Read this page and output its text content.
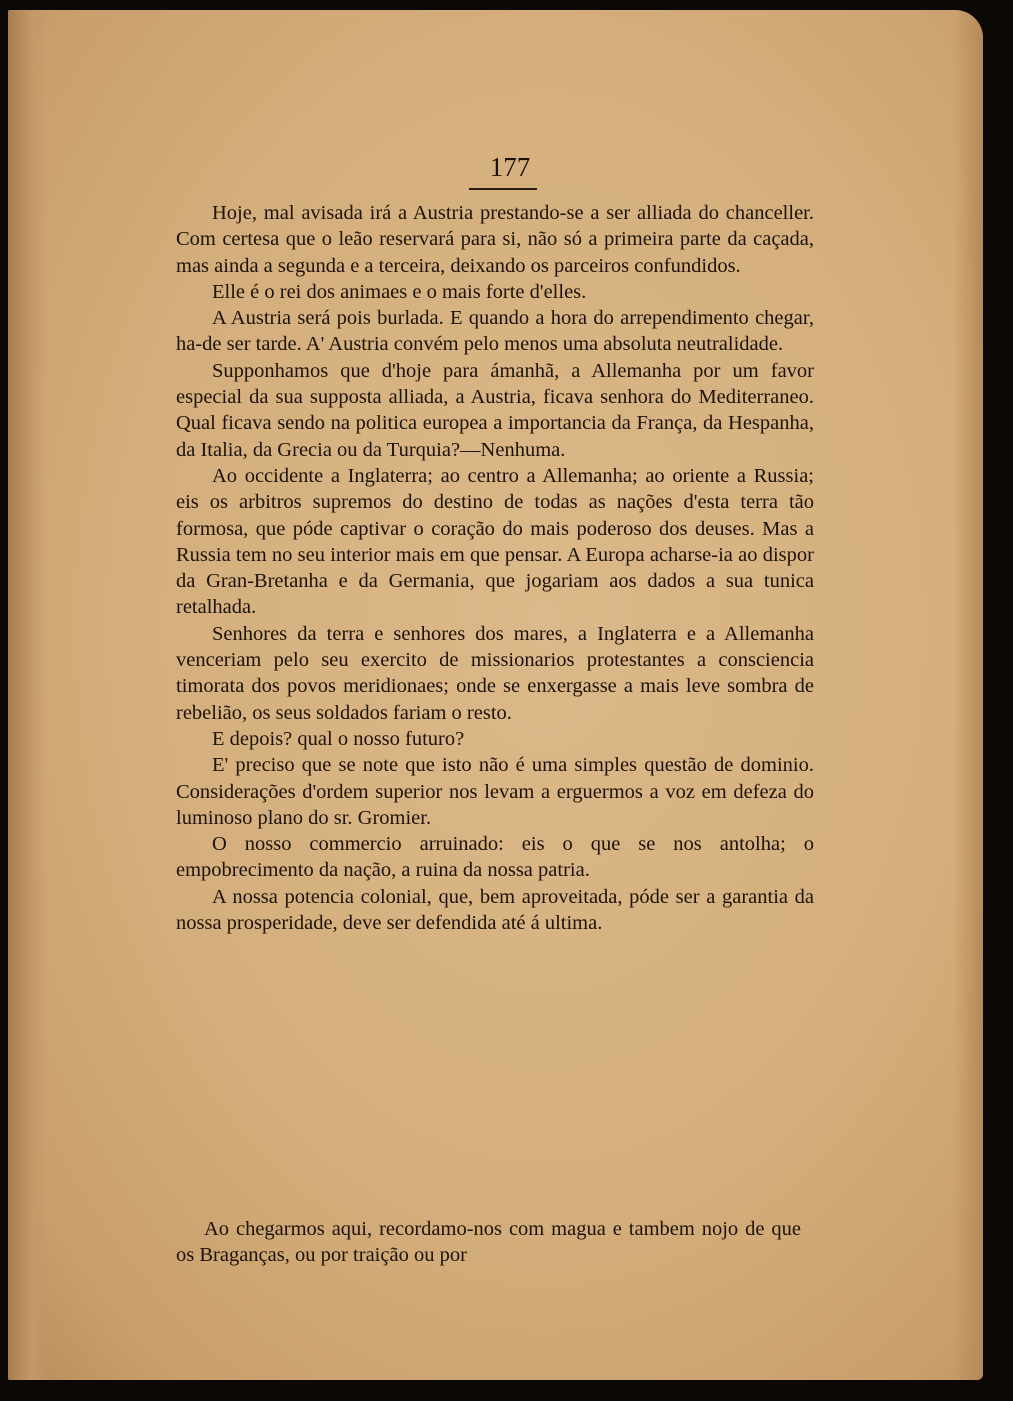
177

Hoje, mal avisada irá a Austria prestando-se a ser alliada do chanceller. Com certesa que o leão reservará para si, não só a primeira parte da caçada, mas ainda a segunda e a terceira, deixando os parceiros confundidos.

Elle é o rei dos animaes e o mais forte d'elles.

A Austria será pois burlada. E quando a hora do arrependimento chegar, ha-de ser tarde. A' Austria convém pelo menos uma absoluta neutralidade.

Supponhamos que d'hoje para ámanhã, a Allemanha por um favor especial da sua supposta alliada, a Austria, ficava senhora do Mediterraneo. Qual ficava sendo na politica europea a importancia da França, da Hespanha, da Italia, da Grecia ou da Turquia?—Nenhuma.

Ao occidente a Inglaterra; ao centro a Allemanha; ao oriente a Russia; eis os arbitros supremos do destino de todas as nações d'esta terra tão formosa, que póde captivar o coração do mais poderoso dos deuses. Mas a Russia tem no seu interior mais em que pensar. A Europa acharse-ia ao dispor da Gran-Bretanha e da Germania, que jogariam aos dados a sua tunica retalhada.

Senhores da terra e senhores dos mares, a Inglaterra e a Allemanha venceriam pelo seu exercito de missionarios protestantes a consciencia timorata dos povos meridionaes; onde se enxergasse a mais leve sombra de rebelião, os seus soldados fariam o resto.

E depois? qual o nosso futuro?

E' preciso que se note que isto não é uma simples questão de dominio. Considerações d'ordem superior nos levam a erguermos a voz em defeza do luminoso plano do sr. Gromier.

O nosso commercio arruinado: eis o que se nos antolha; o empobrecimento da nação, a ruina da nossa patria.

A nossa potencia colonial, que, bem aproveitada, póde ser a garantia da nossa prosperidade, deve ser defendida até á ultima.

Ao chegarmos aqui, recordamo-nos com magua e tambem nojo de que os Braganças, ou por traição ou por
